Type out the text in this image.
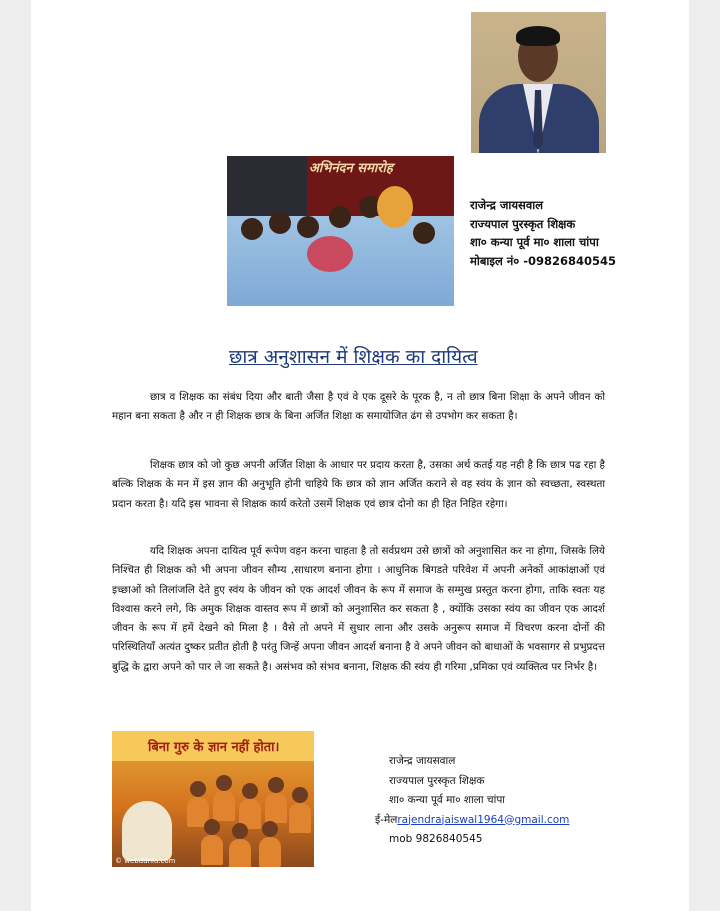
अभिनंदन समारोह
राजेन्द्र जायसवाल
राज्यपाल पुरस्कृत शिक्षक
शा० कन्या पूर्व मा० शाला चांपा
मोबाइल नं० -09826840545
छात्र अनुशासन में शिक्षक का दायित्व
छात्र व शिक्षक का संबंध दिया और बाती जैसा है एवं वे एक दूसरे के पूरक है, न तो छात्र बिना शिक्षा के अपने जीवन को महान बना सकता है और न ही शिक्षक छात्र के बिना अर्जित शिक्षा क समायोजित ढंग से उपभोग कर सकता है।
शिक्षक छात्र को जो कुछ अपनी अर्जित शिक्षा के आधार पर प्रदाय करता है, उसका अर्थ कतई यह नही है कि छात्र पढ रहा है बल्कि शिक्षक के मन में इस ज्ञान की अनुभूति होनी चाहिये कि छात्र को ज्ञान अर्जित कराने से वह स्वंय के ज्ञान को स्वच्छता, स्वस्थता प्रदान करता है। यदि इस भावना से शिक्षक कार्य करेतो उसमें शिक्षक एवं छात्र दोनो का ही हित निहित रहेगा।
यदि शिक्षक अपना दायित्व पूर्व रूपेण वहन करना चाहता है तो सर्वप्रथम उसे छात्रों को अनुशासित कर ना होगा, जिसके लिये निश्चित ही शिक्षक को भी अपना जीवन सौम्य ,साधारण बनाना होगा । आधुनिक बिगडते परिवेश में अपनी अनेकों आकांक्षाओं एवं इच्छाओं को तिलांजलि देते हुए स्वंय के जीवन को एक आदर्श जीवन के रूप में समाज के सम्मुख प्रस्तुत करना होगा, ताकि स्वतः यह विश्वास करने लगे, कि अमुक शिक्षक वास्तव रूप में छात्रों को अनुशासित कर सकता है , क्योंकि उसका स्वंय का जीवन एक आदर्श जीवन के रूप में हमें देखने को मिला है । वैसे तो अपने में सुधार लाना और उसके अनुरूप समाज में विचरण करना दोनों की परिस्थितियॉं अत्यंत दुष्कर प्रतीत होती है परंतु जिन्हें अपना जीवन आदर्श बनाना है वे अपने जीवन को बाधाओं के भवसागर से प्रभुप्रदत्त बुद्धि के द्वारा अपने को पार ले जा सकते है। असंभव को संभव बनाना, शिक्षक की स्वंय ही गरिमा ,प्रमिका एवं व्यक्तित्व पर निर्भर है।
बिना गुरु के ज्ञान नहीं होता।
© webdunia.com
राजेन्द्र जायसवाल
राज्यपाल पुरस्कृत शिक्षक
शा० कन्या पूर्व मा० शाला चांपा
ई-मेलrajendrajaiswal1964@gmail.com
mob 9826840545
